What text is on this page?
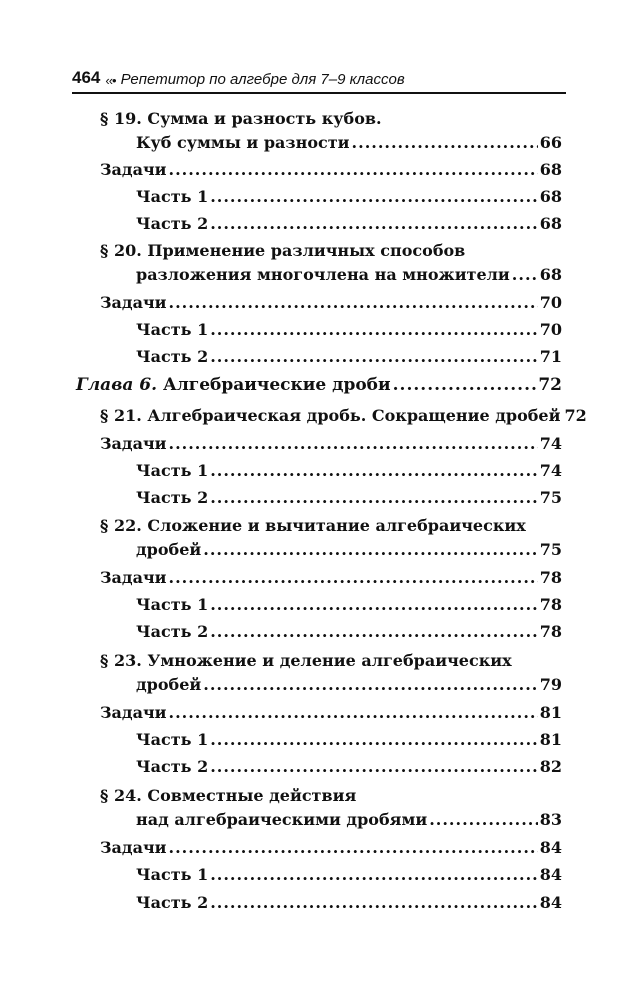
464 ‹‹• Репетитор по алгебре для 7–9 классов
§ 19. Сумма и разность кубов.
Куб суммы и разности .....	66
Задачи .....	68
Часть 1 .....	68
Часть 2 .....	68
§ 20. Применение различных способов
разложения многочлена на множители ..... 68
Задачи .....	70
Часть 1 .....	70
Часть 2 .....	71
Глава 6. Алгебраические дроби .....	72
§ 21. Алгебраическая дробь. Сокращение дробей 72
Задачи .....	74
Часть 1 .....	74
Часть 2 .....	75
§ 22. Сложение и вычитание алгебраических
дробей .....	75
Задачи .....	78
Часть 1 .....	78
Часть 2 .....	78
§ 23. Умножение и деление алгебраических
дробей .....	79
Задачи .....	81
Часть 1 .....	81
Часть 2 .....	82
§ 24. Совместные действия
над алгебраическими дробями .....	83
Задачи .....	84
Часть 1 .....	84
Часть 2 .....	84
